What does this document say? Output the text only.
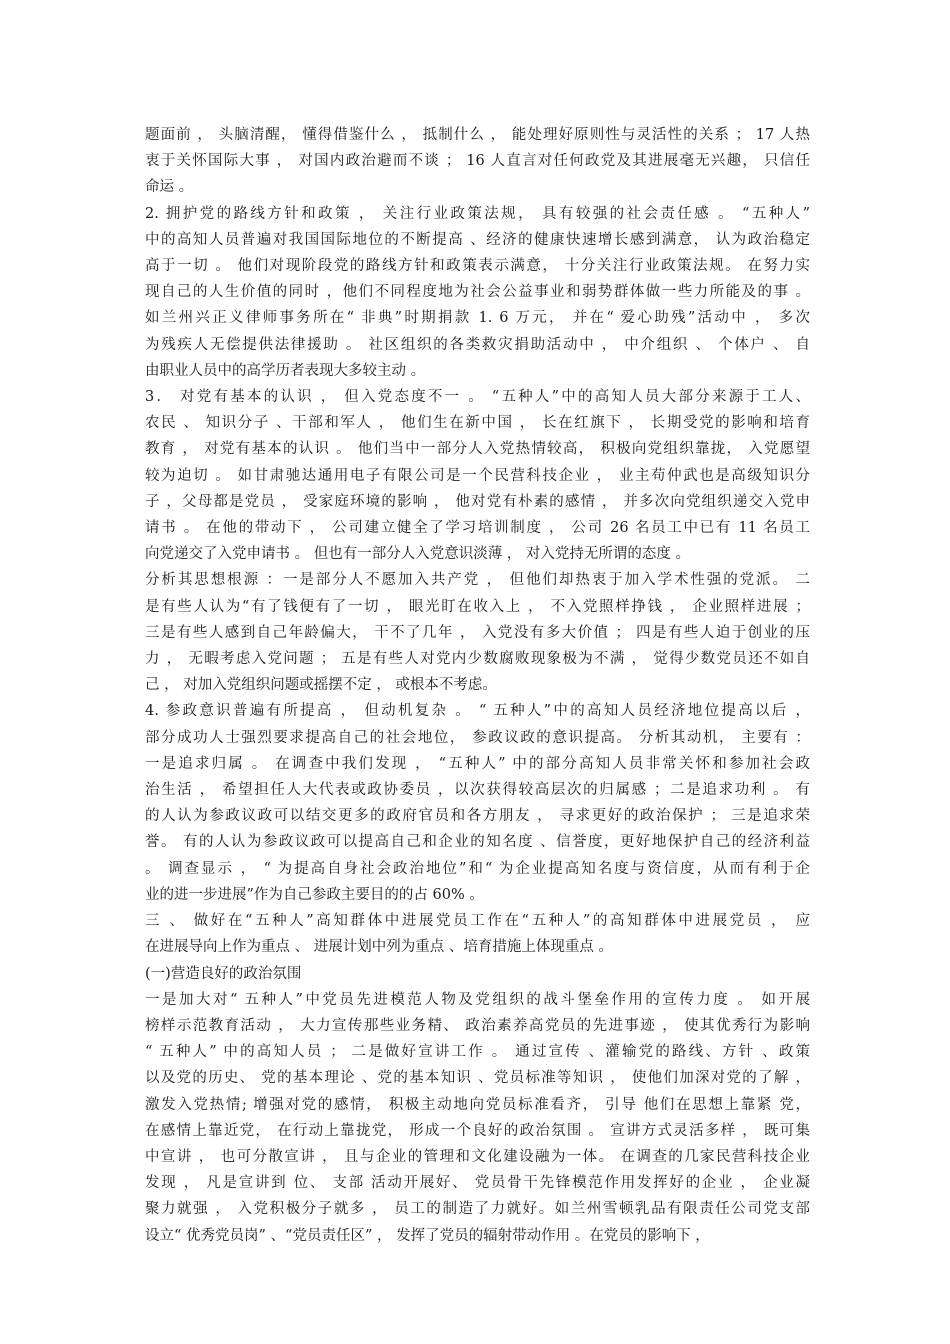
题面前 ， 头脑清醒， 懂得借鉴什么 ， 抵制什么 ， 能处理好原则性与灵活性的关系 ； 17 人热
衷于关怀国际大事 ， 对国内政治避而不谈 ； 16 人直言对任何政党及其进展毫无兴趣， 只信任
命运 。
2. 拥护党的路线方针和政策 ， 关注行业政策法规， 具有较强的社会责任感 。 “五种人”
中的高知人员普遍对我国国际地位的不断提高 、经济的健康快速增长感到满意， 认为政治稳定
高于一切 。 他们对现阶段党的路线方针和政策表示满意， 十分关注行业政策法规。 在努力实
现自己的人生价值的同时 ，他们不同程度地为社会公益事业和弱势群体做一些力所能及的事 。
如兰州兴正义律师事务所在“ 非典”时期捐款 1. 6 万元， 并在“ 爱心助残”活动中 ， 多次
为残疾人无偿提供法律援助 。 社区组织的各类救灾捐助活动中 ， 中介组织 、 个体户 、 自
由职业人员中的高学历者表现大多较主动 。
3． 对党有基本的认识 ， 但入党态度不一 。 “五种人”中的高知人员大部分来源于工人、
农民 、 知识分子 、干部和军人 ， 他们生在新中国 ， 长在红旗下 ， 长期受党的影响和培育
教育 ， 对党有基本的认识 。 他们当中一部分人入党热情较高， 积极向党组织靠拢， 入党愿望
较为迫切 。 如甘肃驰达通用电子有限公司是一个民营科技企业 ， 业主苟仲武也是高级知识分
子 ，父母都是党员 ， 受家庭环境的影响 ， 他对党有朴素的感情 ， 并多次向党组织递交入党申
请书 。 在他的带动下 ， 公司建立健全了学习培训制度 ， 公司 26 名员工中已有 11 名员工
向党递交了入党申请书 。 但也有一部分人入党意识淡薄 ， 对入党持无所谓的态度 。
分析其思想根源 ：一是部分人不愿加入共产党 ， 但他们却热衷于加入学术性强的党派。 二
是有些人认为“有了钱便有了一切 ， 眼光盯在收入上 ， 不入党照样挣钱 ， 企业照样进展 ；
三是有些人感到自己年龄偏大， 干不了几年 ， 入党没有多大价值 ； 四是有些人迫于创业的压
力 ， 无暇考虑入党问题 ； 五是有些人对党内少数腐败现象极为不满 ， 觉得少数党员还不如自
己 ， 对加入党组织问题或摇摆不定 ， 或根本不考虑。
4. 参政意识普遍有所提高 ， 但动机复杂 。 “ 五种人”中的高知人员经济地位提高以后 ，
部分成功人士强烈要求提高自己的社会地位， 参政议政的意识提高。 分析其动机， 主要有 ：
一是追求归属 。 在调查中我们发现 ， “五种人” 中的部分高知人员非常关怀和参加社会政
治生活 ， 希望担任人大代表或政协委员 ，以次获得较高层次的归属感 ；二是追求功利 。 有
的人认为参政议政可以结交更多的政府官员和各方朋友 ， 寻求更好的政治保护 ； 三是追求荣
誉。 有的人认为参政议政可以提高自己和企业的知名度 、信誉度，更好地保护自己的经济利益
。 调查显示 ， “ 为提高自身社会政治地位”和“ 为企业提高知名度与资信度，从而有利于企
业的进一步进展”作为自己参政主要目的的占 60% 。
三 、 做好在“五种人”高知群体中进展党员工作在“五种人”的高知群体中进展党员 ， 应
在进展导向上作为重点 、 进展计划中列为重点 、培育措施上体现重点 。
(一)营造良好的政治氛围
一是加大对“ 五种人”中党员先进模范人物及党组织的战斗堡垒作用的宣传力度 。 如开展
榜样示范教育活动 ， 大力宣传那些业务精、 政治素养高党员的先进事迹 ， 使其优秀行为影响
“ 五种人” 中的高知人员 ； 二是做好宣讲工作 。 通过宣传 、灌输党的路线、方针 、政策
以及党的历史、 党的基本理论 、党的基本知识 、党员标准等知识 ， 使他们加深对党的了解 ，
激发入党热情; 增强对党的感情， 积极主动地向党员标准看齐， 引导 他们在思想上靠紧 党，
在感情上靠近党， 在行动上靠拢党， 形成一个良好的政治氛围 。 宣讲方式灵活多样 ， 既可集
中宣讲 ， 也可分散宣讲 ， 且与企业的管理和文化建设融为一体。 在调查的几家民营科技企业
发现 ， 凡是宣讲到 位、 支部 活动开展好、 党员骨干先锋模范作用发挥好的企业 ， 企业凝
聚力就强 ， 入党积极分子就多 ， 员工的制造了力就好。如兰州雪顿乳品有限责任公司党支部
设立“ 优秀党员岗” 、“党员责任区” ， 发挥了党员的辐射带动作用 。在党员的影响下 ，
